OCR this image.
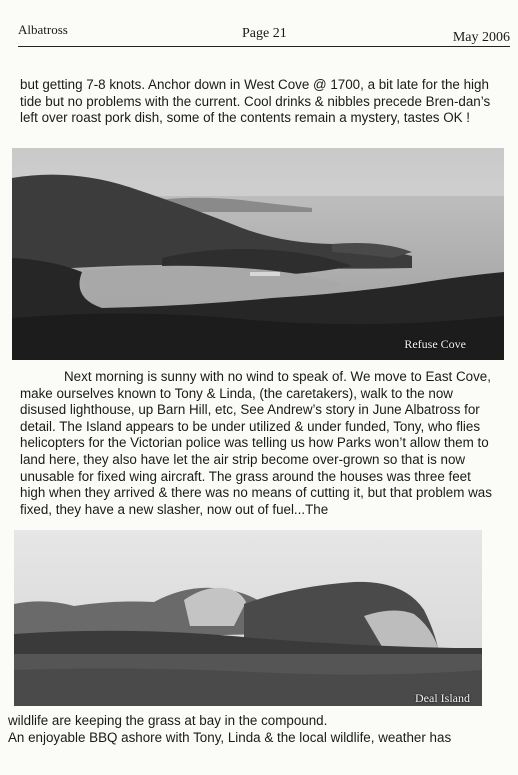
Albatross	Page 21	May 2006

but getting 7-8 knots. Anchor down in West Cove @ 1700, a bit late for the high tide but no problems with the current. Cool drinks & nibbles precede Bren-dan’s left over roast pork dish, some of the contents remain a mystery, tastes OK !

Refuse Cove

Next morning is sunny with no wind to speak of. We move to East Cove, make ourselves known to Tony & Linda, (the caretakers), walk to the now disused lighthouse, up Barn Hill, etc, See Andrew’s story in June Albatross for detail. The Island appears to be under utilized & under funded, Tony, who flies helicopters for the Victorian police was telling us how Parks won’t allow them to land here, they also have let the air strip become over-grown so that is now unusable for fixed wing aircraft. The grass around the houses was three feet high when they arrived & there was no means of cutting it, but that problem was fixed, they have a new slasher, now out of fuel...The

Deal Island

wildlife are keeping the grass at bay in the compound.
An enjoyable BBQ ashore with Tony, Linda & the local wildlife, weather has
